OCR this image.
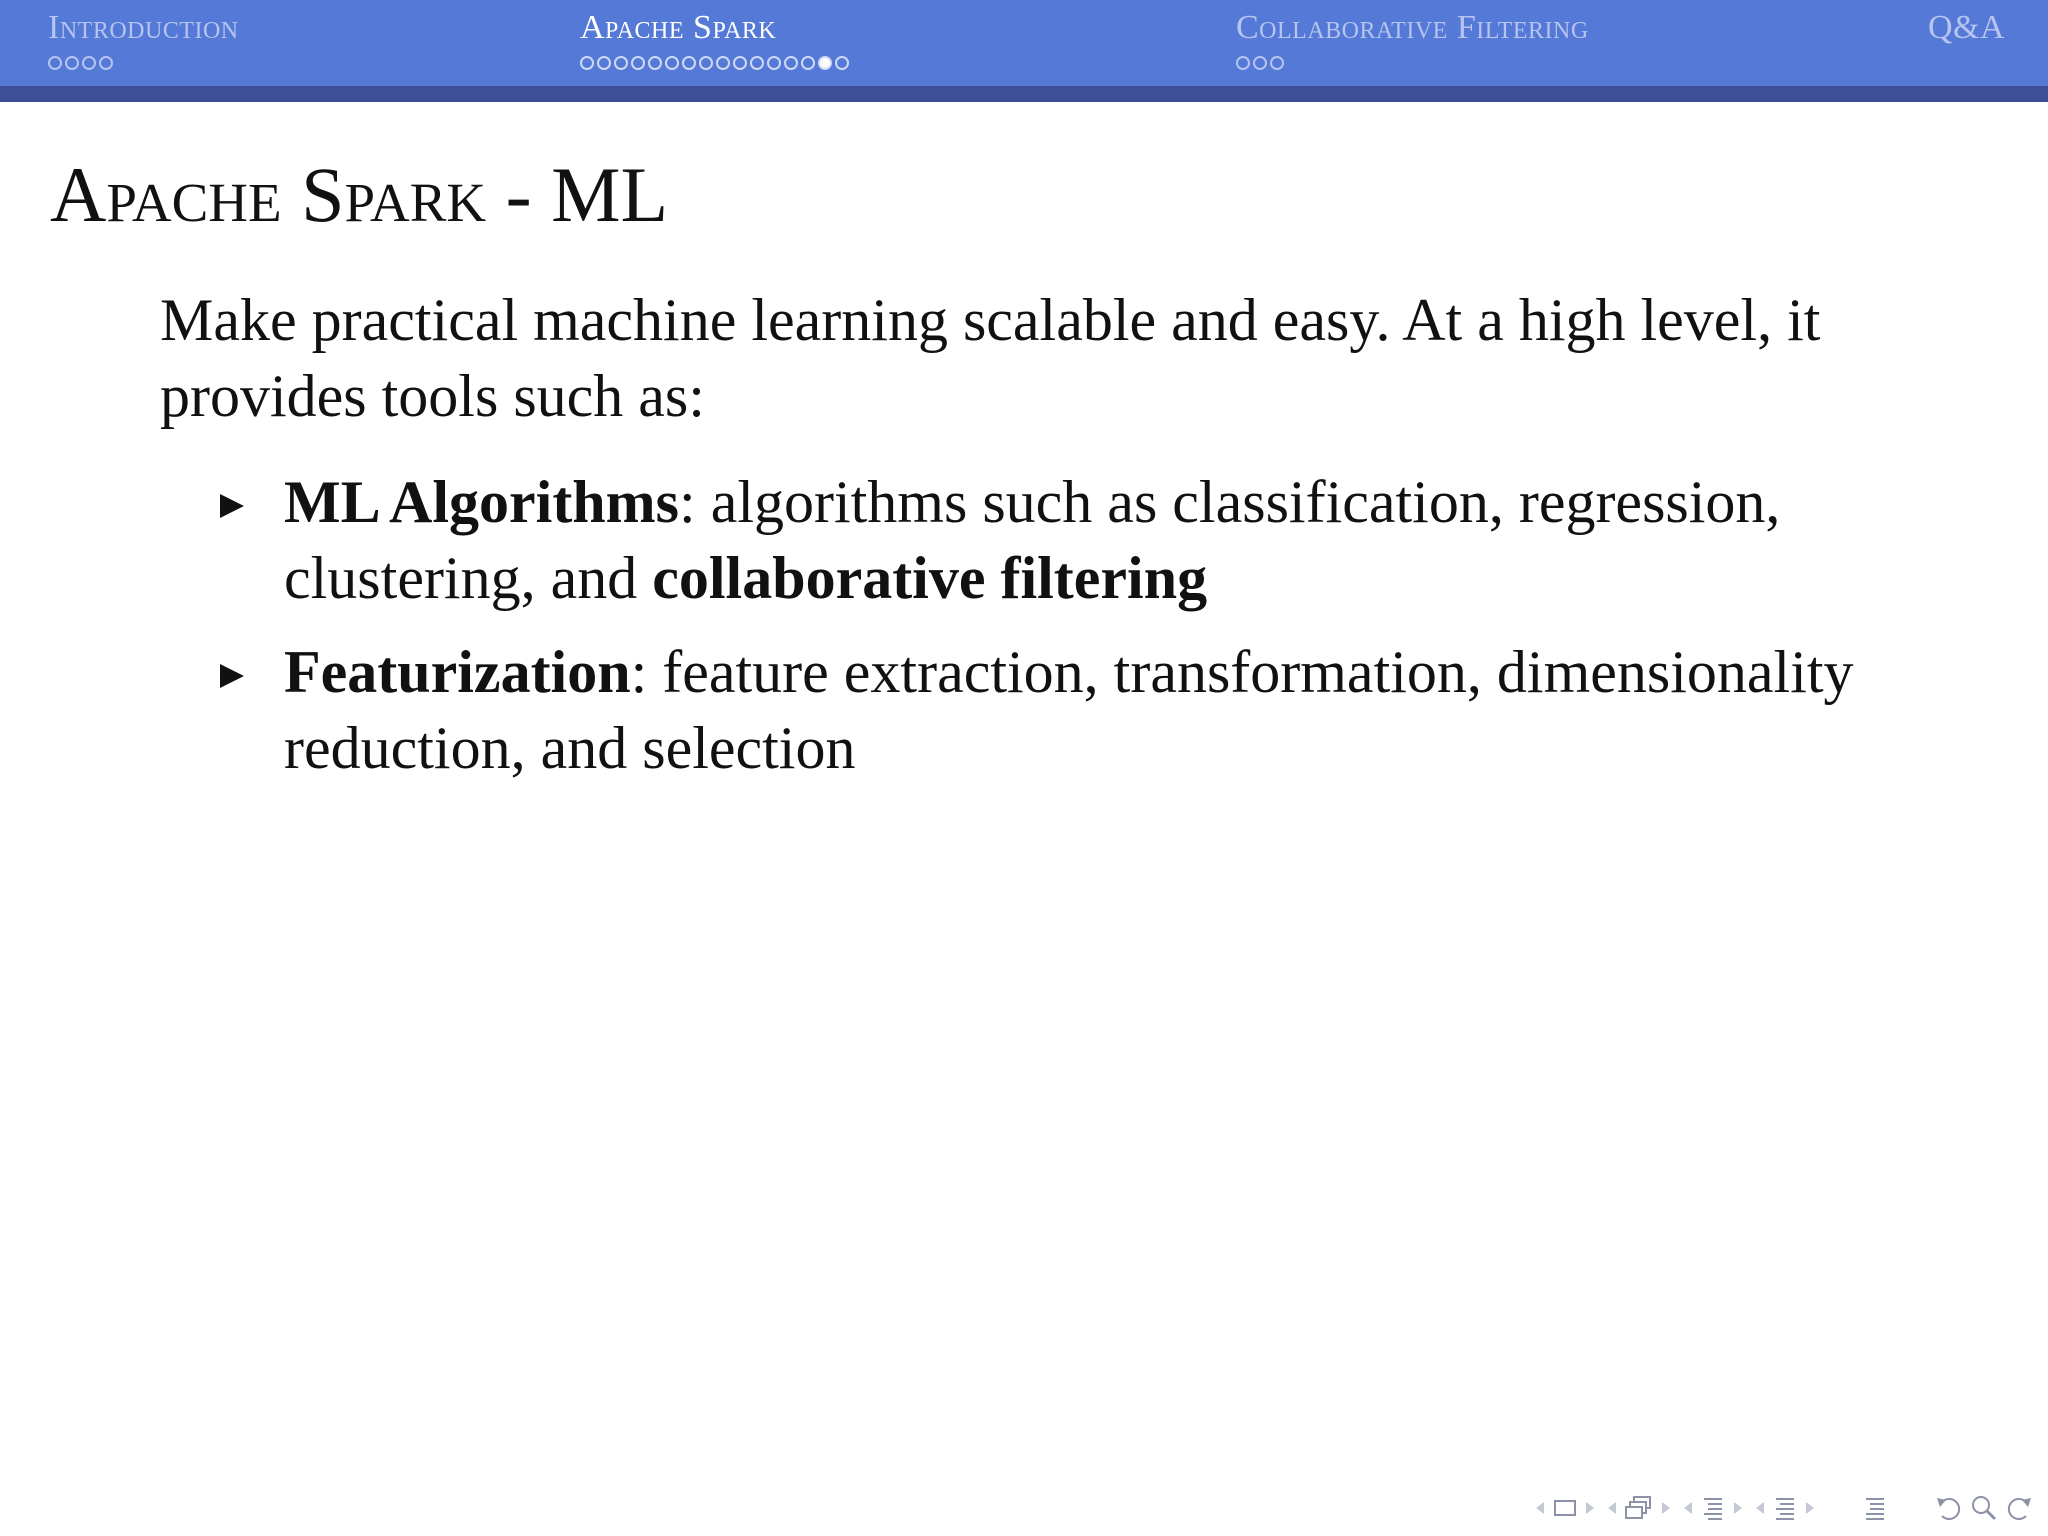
Introduction	Apache Spark	Collaborative Filtering	Q&A
Apache Spark - ML
Make practical machine learning scalable and easy. At a high level, it provides tools such as:
ML Algorithms: algorithms such as classification, regression, clustering, and collaborative filtering
Featurization: feature extraction, transformation, dimensionality reduction, and selection
